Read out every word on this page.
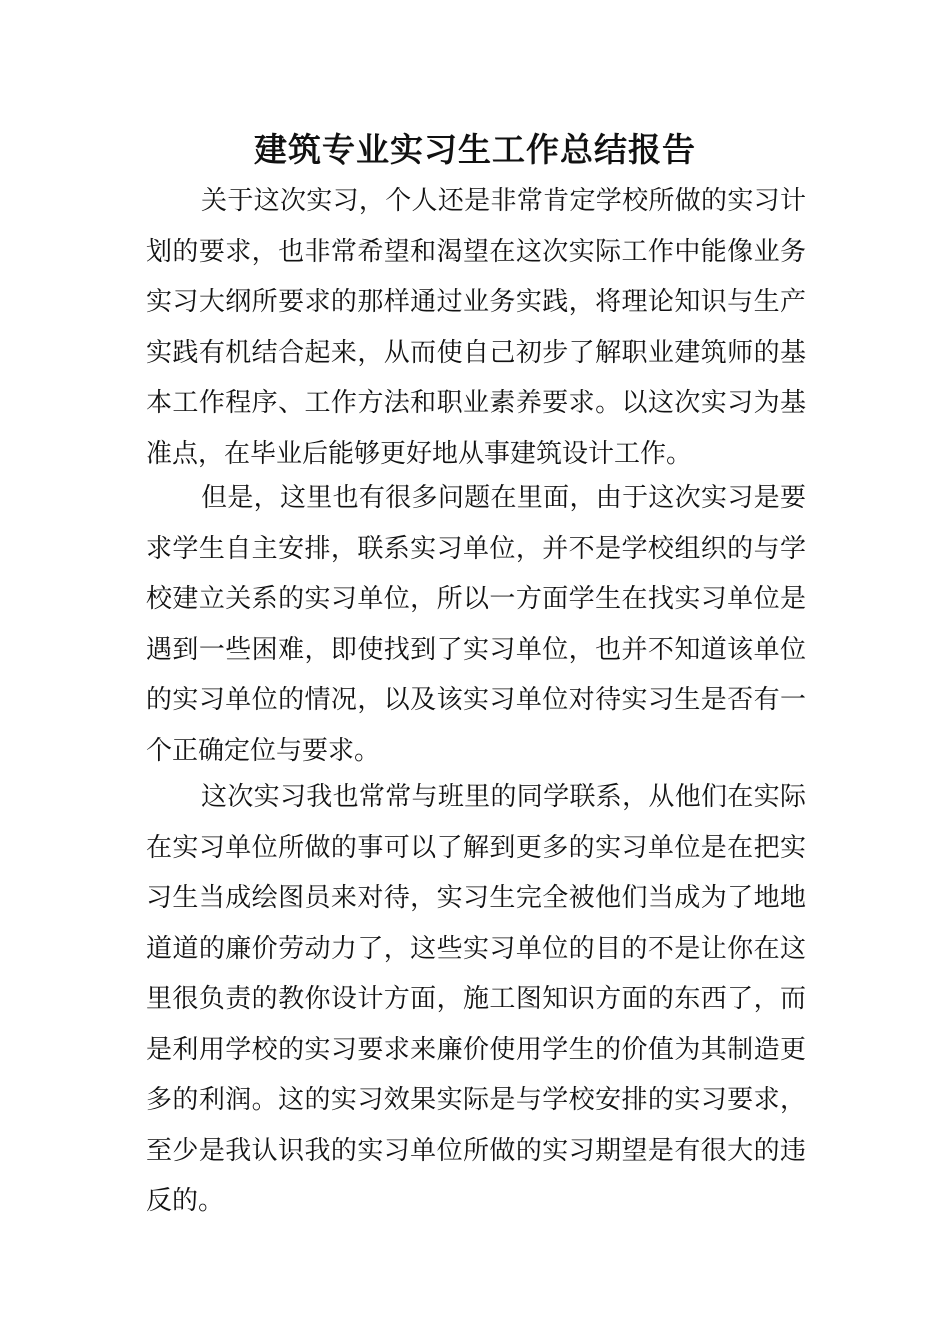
建筑专业实习生工作总结报告
关于这次实习，个人还是非常肯定学校所做的实习计
划的要求，也非常希望和渴望在这次实际工作中能像业务
实习大纲所要求的那样通过业务实践，将理论知识与生产
实践有机结合起来，从而使自己初步了解职业建筑师的基
本工作程序、工作方法和职业素养要求。以这次实习为基
准点，在毕业后能够更好地从事建筑设计工作。
但是，这里也有很多问题在里面，由于这次实习是要
求学生自主安排，联系实习单位，并不是学校组织的与学
校建立关系的实习单位，所以一方面学生在找实习单位是
遇到一些困难，即使找到了实习单位，也并不知道该单位
的实习单位的情况，以及该实习单位对待实习生是否有一
个正确定位与要求。
这次实习我也常常与班里的同学联系，从他们在实际
在实习单位所做的事可以了解到更多的实习单位是在把实
习生当成绘图员来对待，实习生完全被他们当成为了地地
道道的廉价劳动力了，这些实习单位的目的不是让你在这
里很负责的教你设计方面，施工图知识方面的东西了，而
是利用学校的实习要求来廉价使用学生的价值为其制造更
多的利润。这的实习效果实际是与学校安排的实习要求，
至少是我认识我的实习单位所做的实习期望是有很大的违
反的。
